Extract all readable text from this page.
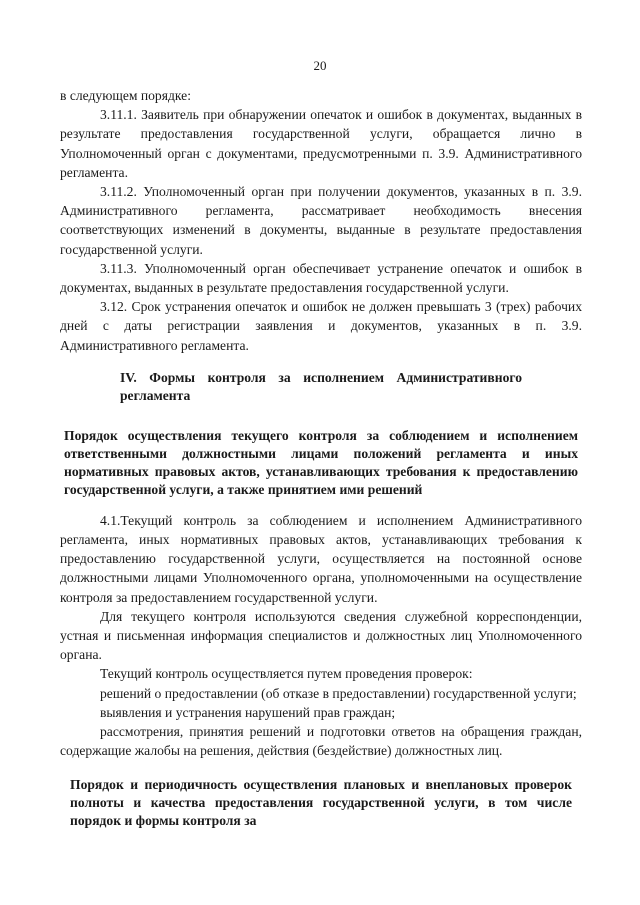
20

в следующем порядке:

3.11.1. Заявитель при обнаружении опечаток и ошибок в документах, выданных в результате предоставления государственной услуги, обращается лично в Уполномоченный орган с документами, предусмотренными п. 3.9. Административного регламента.

3.11.2. Уполномоченный орган при получении документов, указанных в п. 3.9. Административного регламента, рассматривает необходимость внесения соответствующих изменений в документы, выданные в результате предоставления государственной услуги.

3.11.3. Уполномоченный орган обеспечивает устранение опечаток и ошибок в документах, выданных в результате предоставления государственной услуги.

3.12. Срок устранения опечаток и ошибок не должен превышать 3 (трех) рабочих дней с даты регистрации заявления и документов, указанных в п. 3.9. Административного регламента.

IV. Формы контроля за исполнением Административного регламента

Порядок осуществления текущего контроля за соблюдением и исполнением ответственными должностными лицами положений регламента и иных нормативных правовых актов, устанавливающих требования к предоставлению государственной услуги, а также принятием ими решений

4.1.Текущий контроль за соблюдением и исполнением Административного регламента, иных нормативных правовых актов, устанавливающих требования к предоставлению государственной услуги, осуществляется на постоянной основе должностными лицами Уполномоченного органа, уполномоченными на осуществление контроля за предоставлением государственной услуги.

Для текущего контроля используются сведения служебной корреспонденции, устная и письменная информация специалистов и должностных лиц Уполномоченного органа.

Текущий контроль осуществляется путем проведения проверок:

решений о предоставлении (об отказе в предоставлении) государственной услуги;

выявления и устранения нарушений прав граждан;

рассмотрения, принятия решений и подготовки ответов на обращения граждан, содержащие жалобы на решения, действия (бездействие) должностных лиц.

Порядок и периодичность осуществления плановых и внеплановых проверок полноты и качества предоставления государственной услуги, в том числе порядок и формы контроля за
